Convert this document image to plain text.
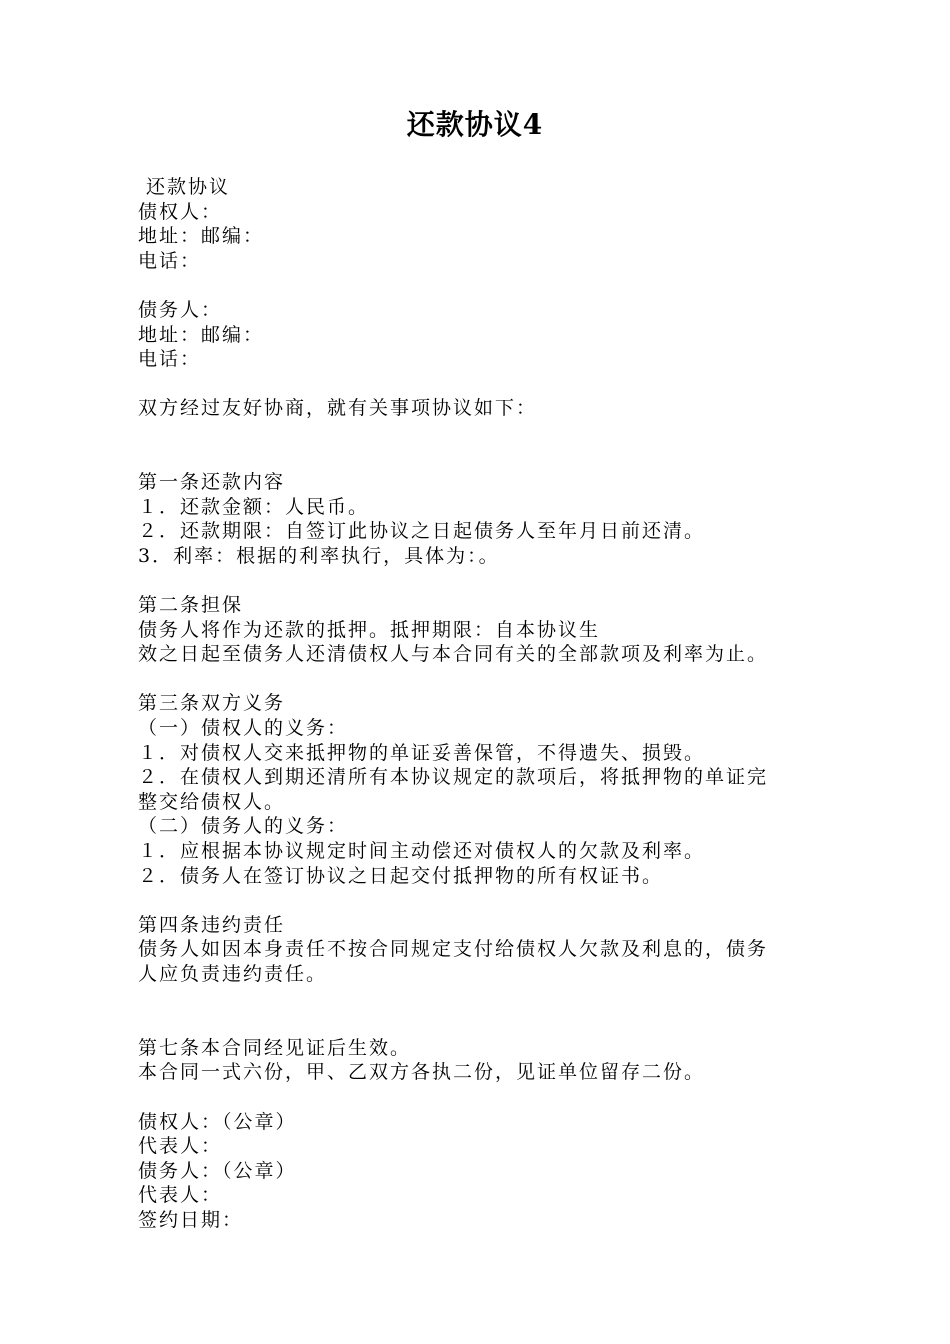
还款协议4
还款协议
债权人：
地址：邮编：
电话：

债务人：
地址：邮编：
电话：

双方经过友好协商，就有关事项协议如下：

第一条还款内容
１．还款金额：人民币。
２．还款期限：自签订此协议之日起债务人至年月日前还清。
3．利率：根据的利率执行，具体为：。

第二条担保
债务人将作为还款的抵押。抵押期限：自本协议生
效之日起至债务人还清债权人与本合同有关的全部款项及利率为止。

第三条双方义务
（一）债权人的义务：
１．对债权人交来抵押物的单证妥善保管，不得遗失、损毁。
２．在债权人到期还清所有本协议规定的款项后，将抵押物的单证完
整交给债权人。
（二）债务人的义务：
１．应根据本协议规定时间主动偿还对债权人的欠款及利率。
２．债务人在签订协议之日起交付抵押物的所有权证书。

第四条违约责任
债务人如因本身责任不按合同规定支付给债权人欠款及利息的，债务
人应负责违约责任。

第七条本合同经见证后生效。
本合同一式六份，甲、乙双方各执二份，见证单位留存二份。

债权人：（公章）
代表人：
债务人：（公章）
代表人：
签约日期：
